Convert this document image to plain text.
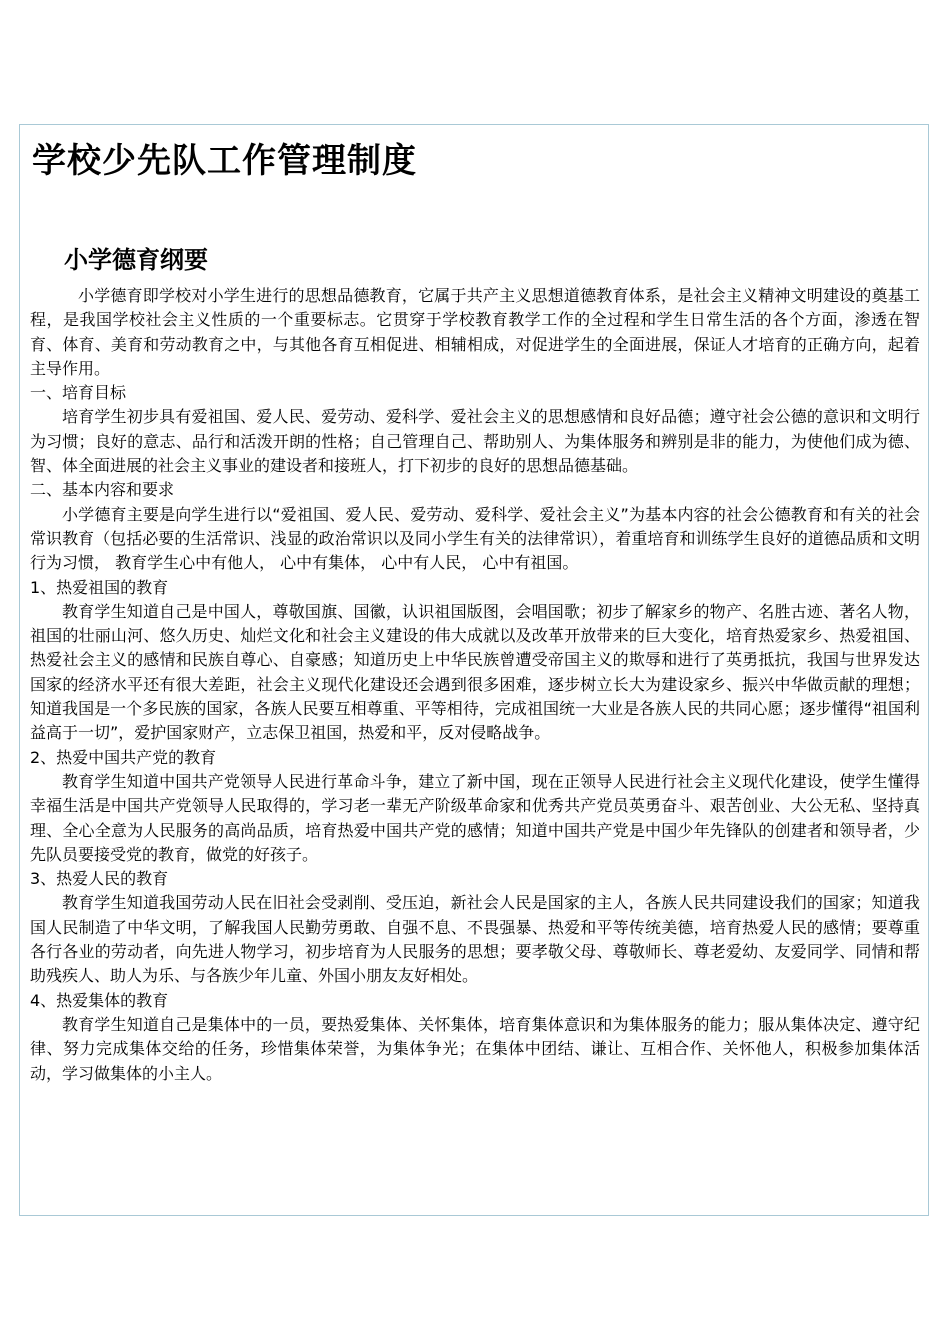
学校少先队工作管理制度
小学德育纲要

小学德育即学校对小学生进行的思想品德教育，它属于共产主义思想道德教育体系，是社会主义精神文明建设的奠基工程，是我国学校社会主义性质的一个重要标志。它贯穿于学校教育教学工作的全过程和学生日常生活的各个方面，渗透在智育、体育、美育和劳动教育之中，与其他各育互相促进、相辅相成，对促进学生的全面进展，保证人才培育的正确方向，起着主导作用。

一、培育目标

培育学生初步具有爱祖国、爱人民、爱劳动、爱科学、爱社会主义的思想感情和良好品德；遵守社会公德的意识和文明行为习惯；良好的意志、品行和活泼开朗的性格；自己管理自己、帮助别人、为集体服务和辨别是非的能力，为使他们成为德、智、体全面进展的社会主义事业的建设者和接班人，打下初步的良好的思想品德基础。

二、基本内容和要求

小学德育主要是向学生进行以“爱祖国、爱人民、爱劳动、爱科学、爱社会主义”为基本内容的社会公德教育和有关的社会常识教育（包括必要的生活常识、浅显的政治常识以及同小学生有关的法律常识），着重培育和训练学生良好的道德品质和文明行为习惯， 教育学生心中有他人， 心中有集体， 心中有人民， 心中有祖国。

1、热爱祖国的教育

教育学生知道自己是中国人，尊敬国旗、国徽，认识祖国版图，会唱国歌；初步了解家乡的物产、名胜古迹、著名人物，祖国的壮丽山河、悠久历史、灿烂文化和社会主义建设的伟大成就以及改革开放带来的巨大变化，培育热爱家乡、热爱祖国、热爱社会主义的感情和民族自尊心、自豪感；知道历史上中华民族曾遭受帝国主义的欺辱和进行了英勇抵抗，我国与世界发达国家的经济水平还有很大差距，社会主义现代化建设还会遇到很多困难，逐步树立长大为建设家乡、振兴中华做贡献的理想；知道我国是一个多民族的国家，各族人民要互相尊重、平等相待，完成祖国统一大业是各族人民的共同心愿；逐步懂得“祖国利益高于一切”，爱护国家财产，立志保卫祖国，热爱和平，反对侵略战争。

2、热爱中国共产党的教育

教育学生知道中国共产党领导人民进行革命斗争，建立了新中国，现在正领导人民进行社会主义现代化建设，使学生懂得幸福生活是中国共产党领导人民取得的，学习老一辈无产阶级革命家和优秀共产党员英勇奋斗、艰苦创业、大公无私、坚持真理、全心全意为人民服务的高尚品质，培育热爱中国共产党的感情；知道中国共产党是中国少年先锋队的创建者和领导者，少先队员要接受党的教育，做党的好孩子。

3、热爱人民的教育

教育学生知道我国劳动人民在旧社会受剥削、受压迫，新社会人民是国家的主人，各族人民共同建设我们的国家；知道我国人民制造了中华文明，了解我国人民勤劳勇敢、自强不息、不畏强暴、热爱和平等传统美德，培育热爱人民的感情；要尊重各行各业的劳动者，向先进人物学习，初步培育为人民服务的思想；要孝敬父母、尊敬师长、尊老爱幼、友爱同学、同情和帮助残疾人、助人为乐、与各族少年儿童、外国小朋友友好相处。

4、热爱集体的教育

教育学生知道自己是集体中的一员，要热爱集体、关怀集体，培育集体意识和为集体服务的能力；服从集体决定、遵守纪律、努力完成集体交给的任务，珍惜集体荣誉，为集体争光；在集体中团结、谦让、互相合作、关怀他人，积极参加集体活动，学习做集体的小主人。
